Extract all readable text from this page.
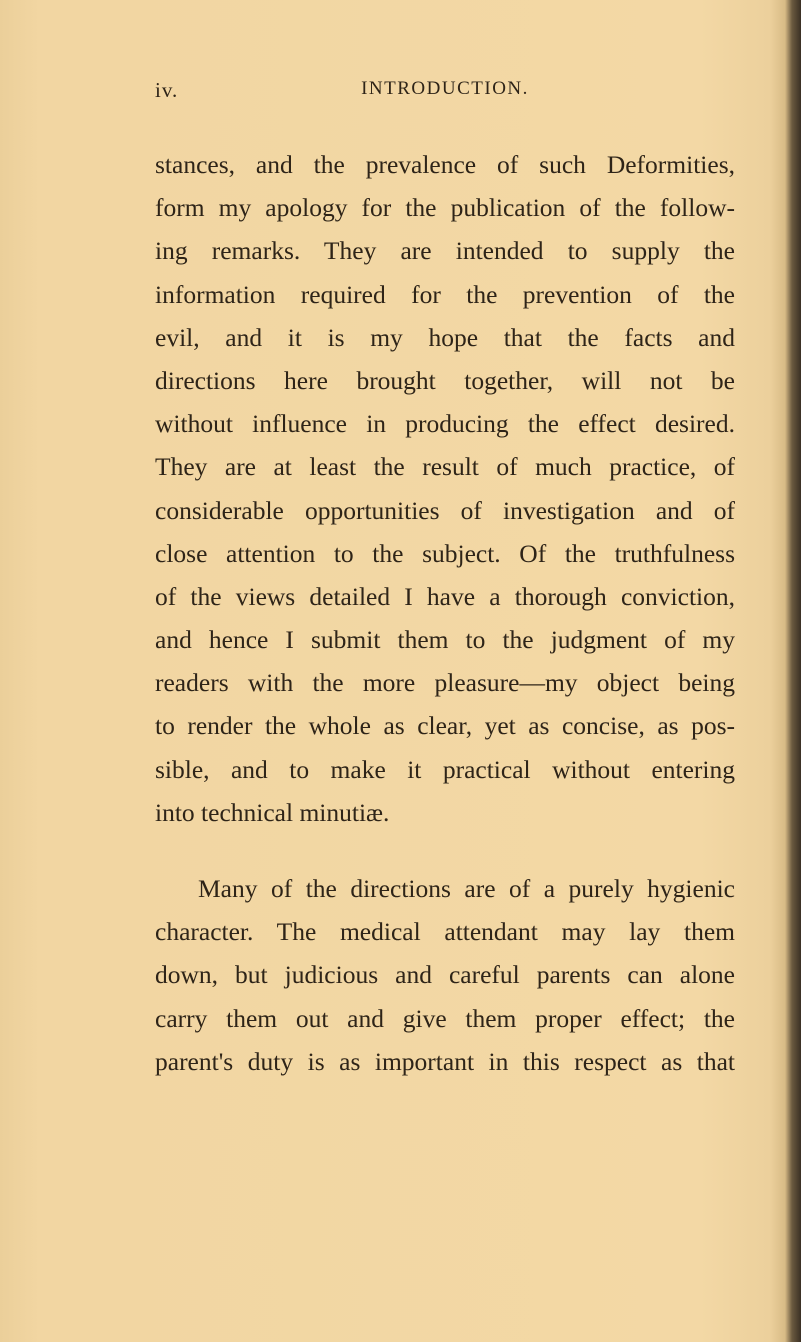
iv.	INTRODUCTION.
stances, and the prevalence of such Deformities,
form my apology for the publication of the follow-
ing remarks. They are intended to supply the
information required for the prevention of the
evil, and it is my hope that the facts and
directions here brought together, will not be
without influence in producing the effect desired.
They are at least the result of much practice, of
considerable opportunities of investigation and of
close attention to the subject. Of the truthfulness
of the views detailed I have a thorough conviction,
and hence I submit them to the judgment of my
readers with the more pleasure—my object being
to render the whole as clear, yet as concise, as pos-
sible, and to make it practical without entering
into technical minutiæ.
Many of the directions are of a purely hygienic
character. The medical attendant may lay them
down, but judicious and careful parents can alone
carry them out and give them proper effect; the
parent's duty is as important in this respect as that
